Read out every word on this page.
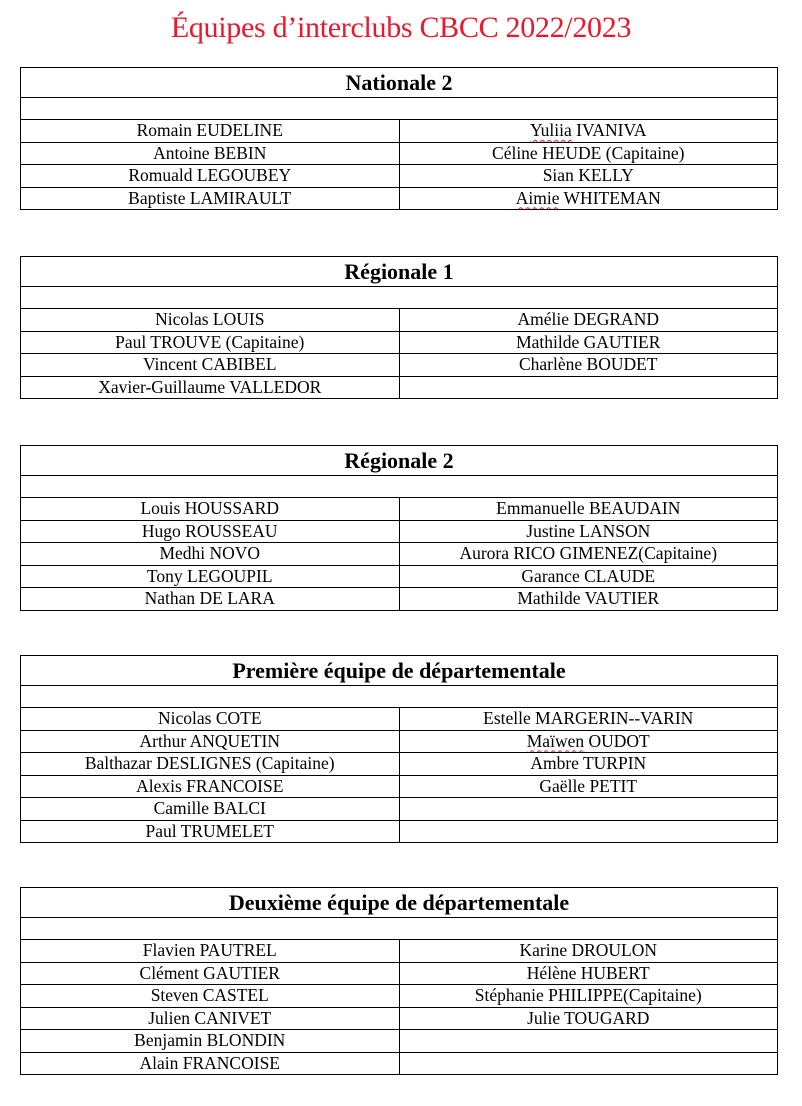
Équipes d’interclubs CBCC 2022/2023
Nationale 2	

Romain EUDELINE	Yuliia IVANIVA
Antoine BEBIN	Céline HEUDE (Capitaine)
Romuald LEGOUBEY	Sian KELLY
Baptiste LAMIRAULT	Aimie WHITEMAN
Régionale 1	

Nicolas LOUIS	Amélie DEGRAND
Paul TROUVE (Capitaine)	Mathilde GAUTIER
Vincent CABIBEL	Charlène BOUDET
Xavier-Guillaume VALLEDOR	
Régionale 2	

Louis HOUSSARD	Emmanuelle BEAUDAIN
Hugo ROUSSEAU	Justine LANSON
Medhi NOVO	Aurora RICO GIMENEZ(Capitaine)
Tony LEGOUPIL	Garance CLAUDE
Nathan DE LARA	Mathilde VAUTIER
Première équipe de départementale	

Nicolas COTE	Estelle MARGERIN--VARIN
Arthur ANQUETIN	Maïwen OUDOT
Balthazar DESLIGNES (Capitaine)	Ambre TURPIN
Alexis FRANCOISE	Gaëlle PETIT
Camille BALCI	
Paul TRUMELET	
Deuxième équipe de départementale	

Flavien PAUTREL	Karine DROULON
Clément GAUTIER	Hélène HUBERT
Steven CASTEL	Stéphanie PHILIPPE(Capitaine)
Julien CANIVET	Julie TOUGARD
Benjamin BLONDIN	
Alain FRANCOISE	
